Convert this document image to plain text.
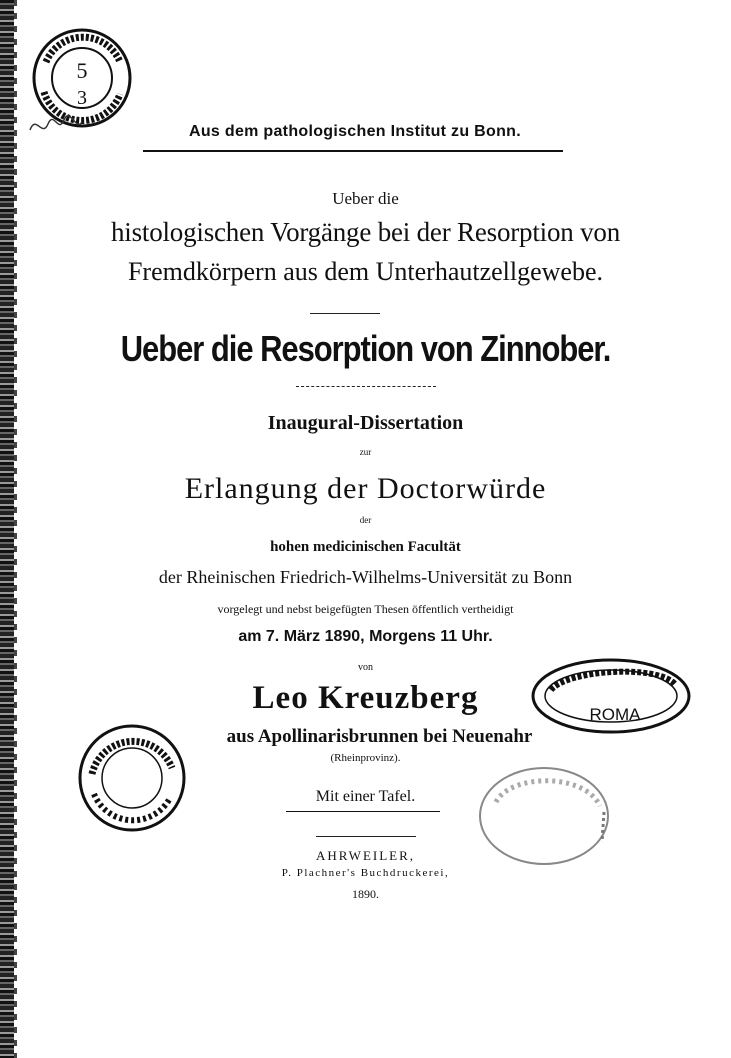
5
3
Aus dem pathologischen Institut zu Bonn.
Ueber die
histologischen Vorgänge bei der Resorption von
Fremdkörpern aus dem Unterhautzellgewebe.
Ueber die Resorption von Zinnober.
Inaugural-Dissertation
zur
Erlangung der Doctorwürde
der
hohen medicinischen Facultät
der Rheinischen Friedrich-Wilhelms-Universität zu Bonn
vorgelegt und nebst beigefügten Thesen öffentlich vertheidigt
am 7. März 1890, Morgens 11 Uhr.
von
ROMA
Leo Kreuzberg
aus Apollinarisbrunnen bei Neuenahr
(Rheinprovinz).
Mit einer Tafel.
AHRWEILER,
P. Plachner's Buchdruckerei,
1890.
